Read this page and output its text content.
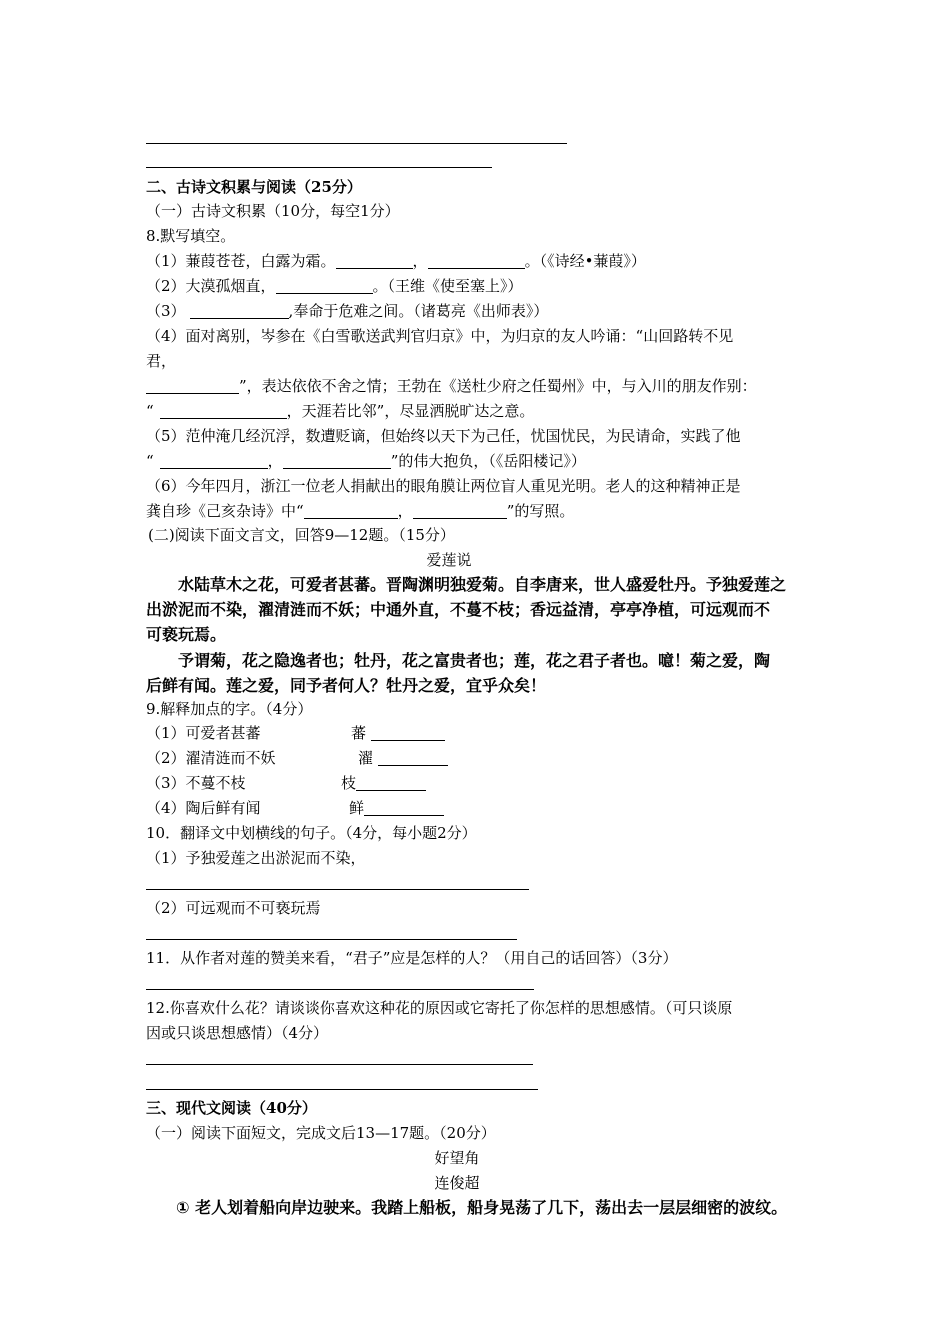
二、古诗文积累与阅读（25分）
（一）古诗文积累（10分，每空1分）
8.默写填空。
（1）蒹葭苍苍，白露为霜。	，	。（《诗经•蒹葭》）
（2）大漠孤烟直，	。（王维《使至塞上》）
（3）	,奉命于危难之间。（诸葛亮《出师表》）
（4）面对离别，岑参在《白雪歌送武判官归京》中，为归京的友人吟诵：“山回路转不见
君，
”，表达依依不舍之情；王勃在《送杜少府之任蜀州》中，与入川的朋友作别：
“	，天涯若比邻”，尽显洒脱旷达之意。
（5）范仲淹几经沉浮，数遭贬谪，但始终以天下为己任，忧国忧民，为民请命，实践了他
“	，	”的伟大抱负，（《岳阳楼记》）
（6）今年四月，浙江一位老人捐献出的眼角膜让两位盲人重见光明。老人的这种精神正是
龚自珍《己亥杂诗》中“	，	”的写照。
(二)阅读下面文言文，回答9—12题。（15分）
爱莲说
水陆草木之花，可爱者甚蕃。晋陶渊明独爱菊。自李唐来，世人盛爱牡丹。予独爱莲之
出淤泥而不染，濯清涟而不妖；中通外直，不蔓不枝；香远益清，亭亭净植，可远观而不
可亵玩焉。
予谓菊，花之隐逸者也；牡丹，花之富贵者也；莲，花之君子者也。噫！菊之爱，陶
后鲜有闻。莲之爱，同予者何人？牡丹之爱，宜乎众矣！
9.解释加点的字。（4分）
（1）可爱者甚蕃	蕃
（2）濯清涟而不妖	濯
（3）不蔓不枝	枝
（4）陶后鲜有闻	鲜
10．翻译文中划横线的句子。（4分，每小题2分）
（1）予独爱莲之出淤泥而不染，
（2）可远观而不可亵玩焉
11．从作者对莲的赞美来看，“君子”应是怎样的人？（用自己的话回答）（3分）
12.你喜欢什么花？请谈谈你喜欢这种花的原因或它寄托了你怎样的思想感情。（可只谈原
因或只谈思想感情）（4分）
三、现代文阅读（40分）
（一）阅读下面短文，完成文后13—17题。（20分）
好望角
连俊超
① 老人划着船向岸边驶来。我踏上船板，船身晃荡了几下，荡出去一层层细密的波纹。
